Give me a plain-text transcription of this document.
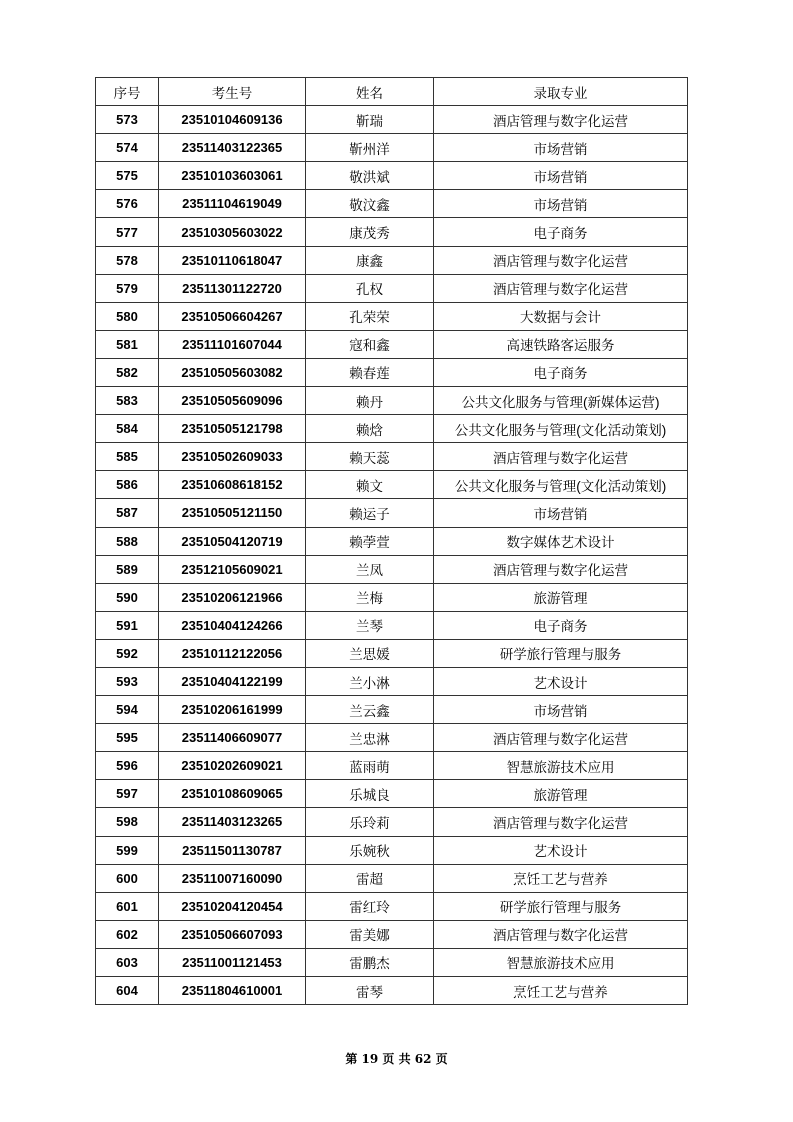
序号	考生号	姓名	录取专业
573	23510104609136	靳瑞	酒店管理与数字化运营
574	23511403122365	靳州洋	市场营销
575	23510103603061	敬洪斌	市场营销
576	23511104619049	敬汶鑫	市场营销
577	23510305603022	康茂秀	电子商务
578	23510110618047	康鑫	酒店管理与数字化运营
579	23511301122720	孔权	酒店管理与数字化运营
580	23510506604267	孔荣荣	大数据与会计
581	23511101607044	寇和鑫	高速铁路客运服务
582	23510505603082	赖春莲	电子商务
583	23510505609096	赖丹	公共文化服务与管理(新媒体运营)
584	23510505121798	赖焓	公共文化服务与管理(文化活动策划)
585	23510502609033	赖天蕊	酒店管理与数字化运营
586	23510608618152	赖文	公共文化服务与管理(文化活动策划)
587	23510505121150	赖运子	市场营销
588	23510504120719	赖荸萱	数字媒体艺术设计
589	23512105609021	兰凤	酒店管理与数字化运营
590	23510206121966	兰梅	旅游管理
591	23510404124266	兰琴	电子商务
592	23510112122056	兰思媛	研学旅行管理与服务
593	23510404122199	兰小淋	艺术设计
594	23510206161999	兰云鑫	市场营销
595	23511406609077	兰忠淋	酒店管理与数字化运营
596	23510202609021	蓝雨萌	智慧旅游技术应用
597	23510108609065	乐城良	旅游管理
598	23511403123265	乐玲莉	酒店管理与数字化运营
599	23511501130787	乐婉秋	艺术设计
600	23511007160090	雷超	烹饪工艺与营养
601	23510204120454	雷红玲	研学旅行管理与服务
602	23510506607093	雷美娜	酒店管理与数字化运营
603	23511001121453	雷鹏杰	智慧旅游技术应用
604	23511804610001	雷琴	烹饪工艺与营养
第 19 页 共 62 页
